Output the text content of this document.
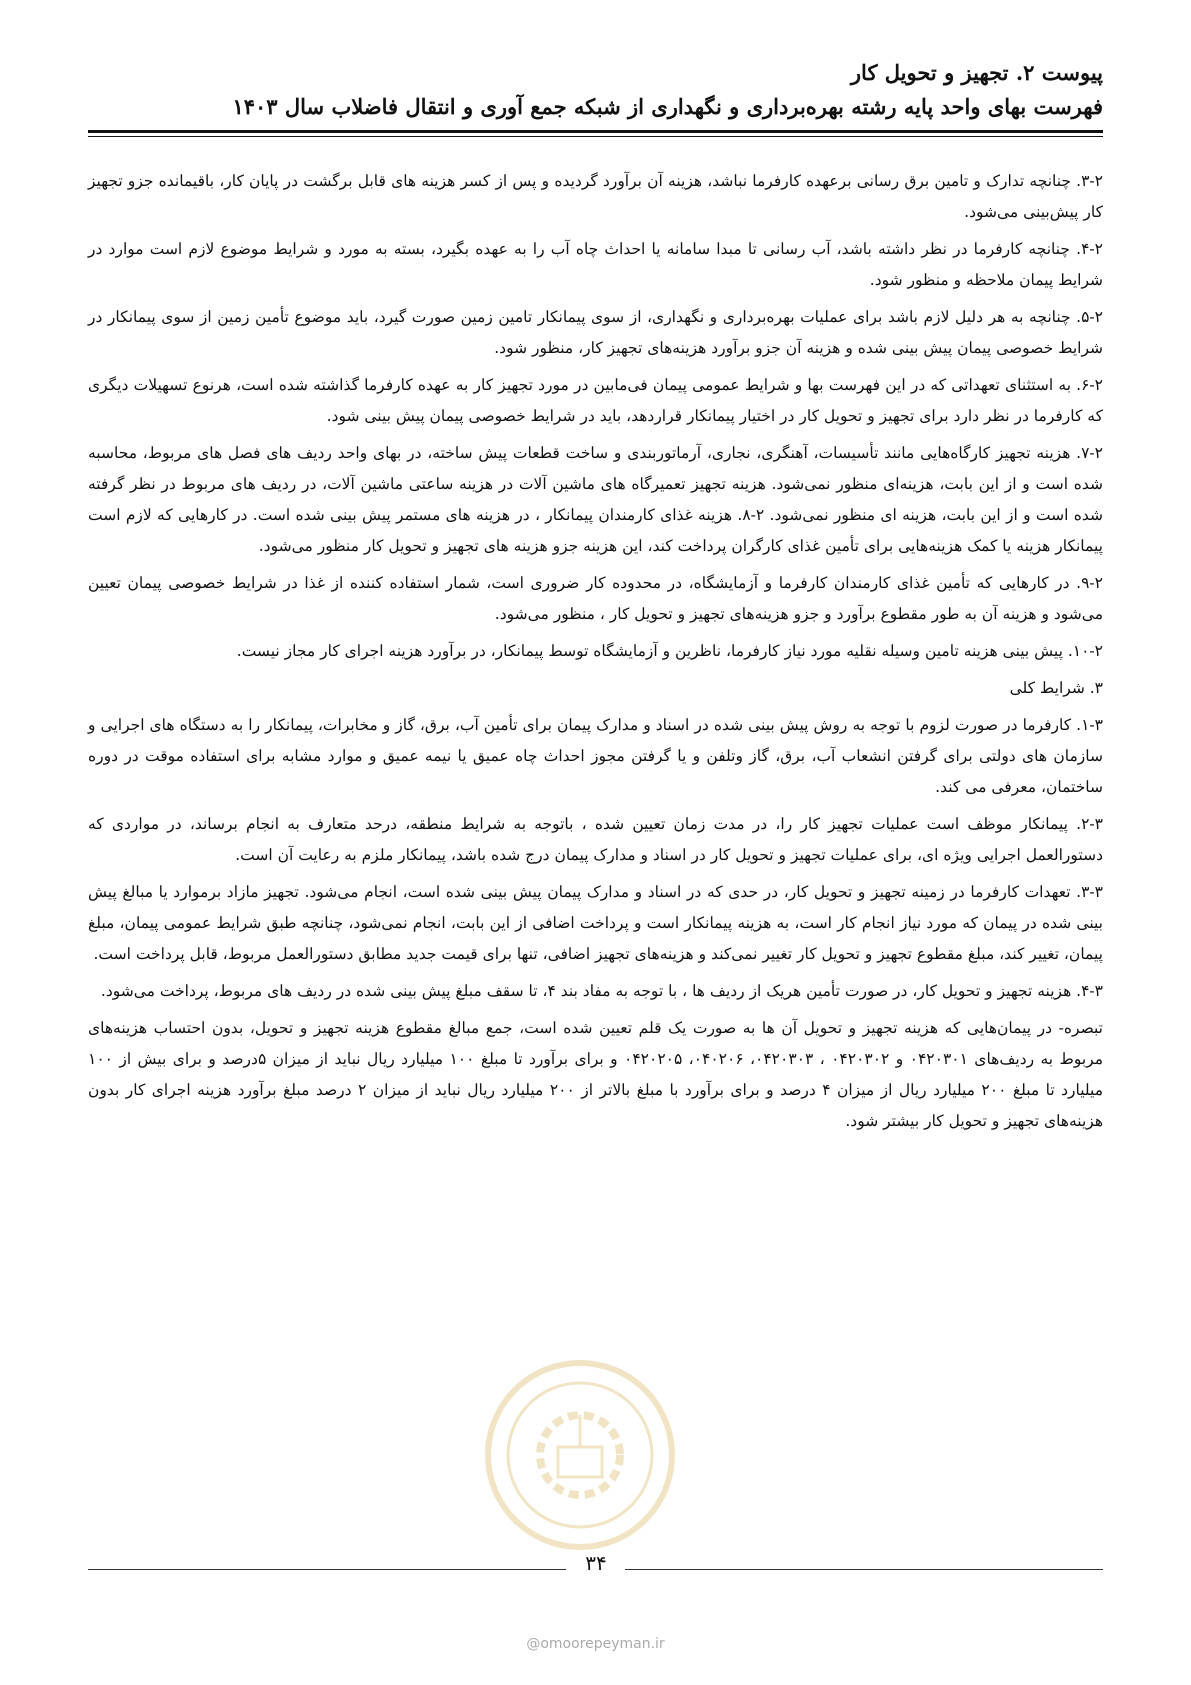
پیوست ۲. تجهیز و تحویل کار
فهرست بهای واحد پایه رشته بهره‌برداری و نگهداری از شبکه جمع آوری و انتقال فاضلاب سال ۱۴۰۳

۳-۲. چنانچه تدارک و تامین برق رسانی برعهده کارفرما نباشد، هزینه آن برآورد گردیده و پس از کسر هزینه های قابل برگشت در پایان کار، باقیمانده جزو تجهیز کار پیش‌بینی می‌شود.

۴-۲. چنانچه کارفرما در نظر داشته باشد، آب رسانی تا مبدا سامانه یا احداث چاه آب را به عهده بگیرد، بسته به مورد و شرایط موضوع لازم است موارد در شرایط پیمان ملاحظه و منظور شود.

۵-۲. چنانچه به هر دلیل لازم باشد برای عملیات بهره‌برداری و نگهداری، از سوی پیمانکار تامین زمین صورت گیرد، باید موضوع تأمین زمین از سوی پیمانکار در شرایط خصوصی پیمان پیش بینی شده و هزینه آن جزو برآورد هزینه‌های تجهیز کار، منظور شود.

۶-۲. به استثنای تعهداتی که در این فهرست بها و شرایط عمومی پیمان فی‌مابین در مورد تجهیز کار به عهده کارفرما گذاشته شده است، هرنوع تسهیلات دیگری که کارفرما در نظر دارد برای تجهیز و تحویل کار در اختیار پیمانکار قراردهد، باید در شرایط خصوصی پیمان پیش بینی شود.

۷-۲. هزینه تجهیز کارگاه‌هایی مانند تأسیسات، آهنگری، نجاری، آرماتوربندی و ساخت قطعات پیش ساخته، در بهای واحد ردیف های فصل های مربوط، محاسبه شده است و از این بابت، هزینه‌ای منظور نمی‌شود. هزینه تجهیز تعمیرگاه های ماشین آلات در هزینه ساعتی ماشین آلات، در ردیف های مربوط در نظر گرفته شده است و از این بابت، هزینه ای منظور نمی‌شود. ۲-۸. هزینه غذای کارمندان پیمانکار ، در هزینه های مستمر پیش بینی شده است. در کارهایی که لازم است پیمانکار هزینه یا کمک هزینه‌هایی برای تأمین غذای کارگران پرداخت کند، این هزینه جزو هزینه های تجهیز و تحویل کار منظور می‌شود.

۹-۲. در کارهایی که تأمین غذای کارمندان کارفرما و آزمایشگاه، در محدوده کار ضروری است، شمار استفاده کننده از غذا در شرایط خصوصی پیمان تعیین می‌شود و هزینه آن به طور مقطوع برآورد و جزو هزینه‌های تجهیز و تحویل کار ، منظور می‌شود.

۱۰-۲. پیش بینی هزینه تامین وسیله نقلیه مورد نیاز کارفرما، ناظرین و آزمایشگاه توسط پیمانکار، در برآورد هزینه اجرای کار مجاز نیست.

۳. شرایط کلی

۱-۳. کارفرما در صورت لزوم با توجه به روش پیش بینی شده در اسناد و مدارک پیمان برای تأمین آب، برق، گاز و مخابرات، پیمانکار را به دستگاه های اجرایی و سازمان های دولتی برای گرفتن انشعاب آب، برق، گاز وتلفن و یا گرفتن مجوز احداث چاه عمیق یا نیمه عمیق و موارد مشابه برای استفاده موقت در دوره ساختمان، معرفی می کند.

۲-۳. پیمانکار موظف است عملیات تجهیز کار را، در مدت زمان تعیین شده ، باتوجه به شرایط منطقه، درحد متعارف به انجام برساند، در مواردی که دستورالعمل اجرایی ویژه ای، برای عملیات تجهیز و تحویل کار در اسناد و مدارک پیمان درج شده باشد، پیمانکار ملزم به رعایت آن است.

۳-۳. تعهدات کارفرما در زمینه تجهیز و تحویل کار، در حدی که در اسناد و مدارک پیمان پیش بینی شده است، انجام می‌شود. تجهیز مازاد برموارد یا مبالغ پیش بینی شده در پیمان که مورد نیاز انجام کار است، به هزینه پیمانکار است و پرداخت اضافی از این بابت، انجام نمی‌شود، چنانچه طبق شرایط عمومی پیمان، مبلغ پیمان، تغییر کند، مبلغ مقطوع تجهیز و تحویل کار تغییر نمی‌کند و هزینه‌های تجهیز اضافی، تنها برای قیمت جدید مطابق دستورالعمل مربوط، قابل پرداخت است.

۴-۳. هزینه تجهیز و تحویل کار، در صورت تأمین هریک از ردیف ها ، با توجه به مفاد بند ۴، تا سقف مبلغ پیش بینی شده در ردیف های مربوط، پرداخت می‌شود.

تبصره- در پیمان‌هایی که هزینه تجهیز و تحویل آن ها به صورت یک قلم تعیین شده است، جمع مبالغ مقطوع هزینه تجهیز و تحویل، بدون احتساب هزینه‌های مربوط به ردیف‌های ۰۴۲۰۳۰۱ و ۰۴۲۰۳۰۲ ، ۰۴۲۰۳۰۳، ۰۴۰۲۰۶، ۰۴۲۰۲۰۵ و برای برآورد تا مبلغ ۱۰۰ میلیارد ریال نباید از میزان ۵درصد و برای بیش از ۱۰۰ میلیارد تا مبلغ ۲۰۰ میلیارد ریال از میزان ۴ درصد و برای برآورد با مبلغ بالاتر از ۲۰۰ میلیارد ریال نباید از میزان ۲ درصد مبلغ برآورد هزینه اجرای کار بدون هزینه‌های تجهیز و تحویل کار بیشتر شود.

۳۴
@omoorepeyman.ir
